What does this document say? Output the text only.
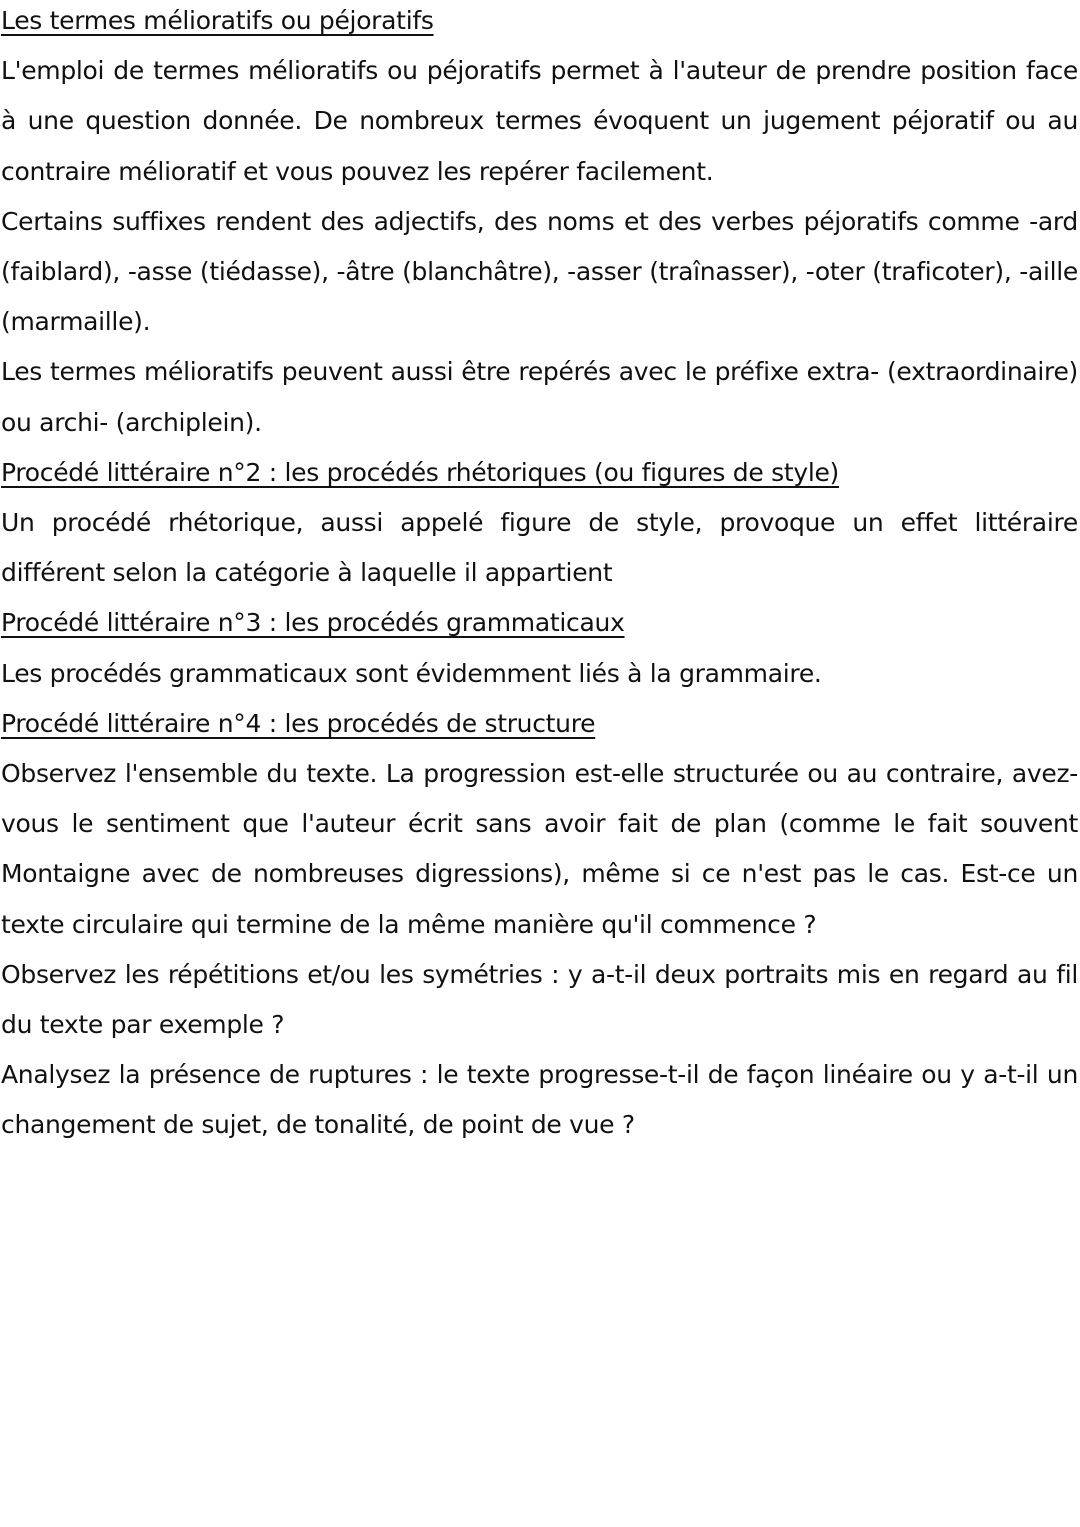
Les termes mélioratifs ou péjoratifs

L'emploi de termes mélioratifs ou péjoratifs permet à l'auteur de prendre position face à une question donnée. De nombreux termes évoquent un jugement péjoratif ou au contraire mélioratif et vous pouvez les repérer facilement.

Certains suffixes rendent des adjectifs, des noms et des verbes péjoratifs comme -ard (faiblard), -asse (tiédasse), -âtre (blanchâtre), -asser (traînasser), -oter (traficoter), -aille (marmaille).

Les termes mélioratifs peuvent aussi être repérés avec le préfixe extra- (extraordinaire) ou archi- (archiplein).

Procédé littéraire n°2 : les procédés rhétoriques (ou figures de style)

Un procédé rhétorique, aussi appelé figure de style, provoque un effet littéraire différent selon la catégorie à laquelle il appartient

Procédé littéraire n°3 : les procédés grammaticaux

Les procédés grammaticaux sont évidemment liés à la grammaire.

Procédé littéraire n°4 : les procédés de structure

Observez l'ensemble du texte. La progression est-elle structurée ou au contraire, avez-vous le sentiment que l'auteur écrit sans avoir fait de plan (comme le fait souvent Montaigne avec de nombreuses digressions), même si ce n'est pas le cas. Est-ce un texte circulaire qui termine de la même manière qu'il commence ?

Observez les répétitions et/ou les symétries : y a-t-il deux portraits mis en regard au fil du texte par exemple ?

Analysez la présence de ruptures : le texte progresse-t-il de façon linéaire ou y a-t-il un changement de sujet, de tonalité, de point de vue ?
